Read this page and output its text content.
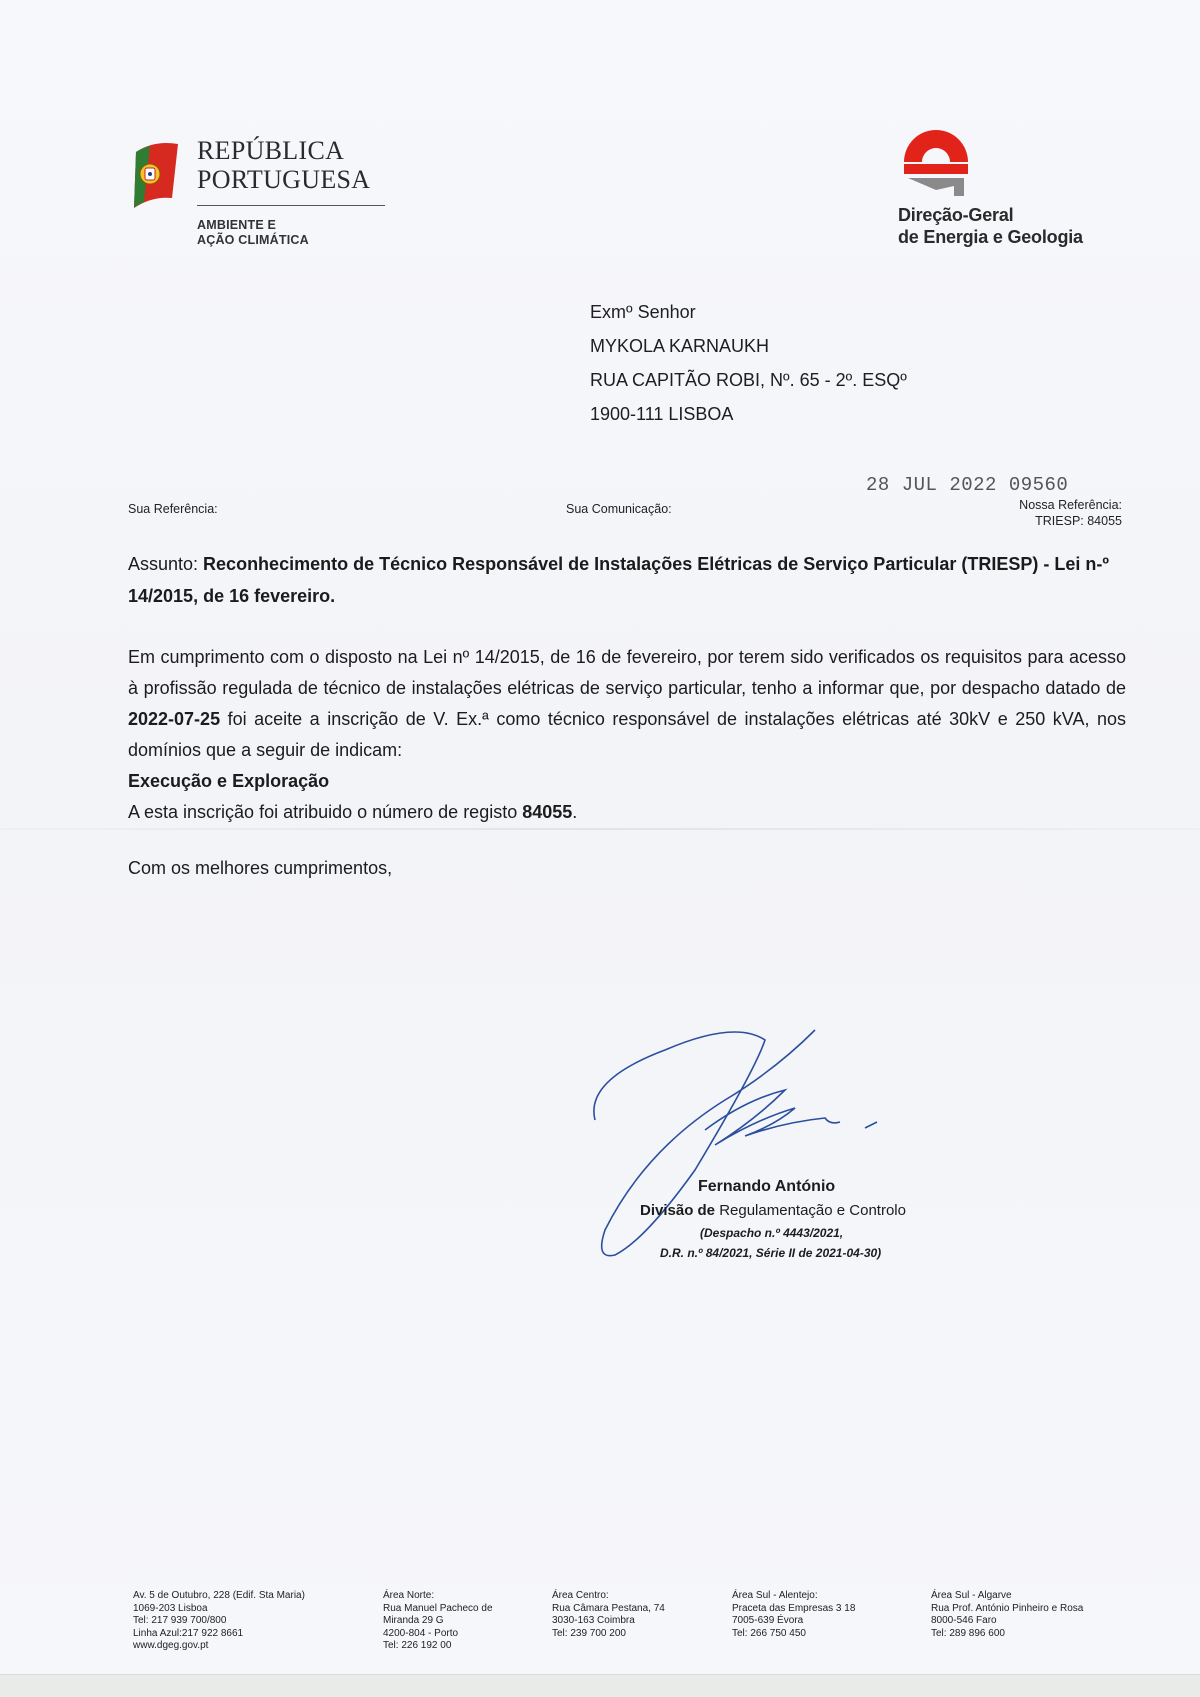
REPÚBLICA
PORTUGUESA
AMBIENTE E
AÇÃO CLIMÁTICA
Direção-Geral
de Energia e Geologia
Exmº Senhor
MYKOLA KARNAUKH
RUA CAPITÃO ROBI, Nº. 65 - 2º. ESQº
1900-111 LISBOA
Sua Referência:	Sua Comunicação:
28 JUL 2022 09560
Nossa Referência:
TRIESP: 84055
Assunto: Reconhecimento de Técnico Responsável de Instalações Elétricas de Serviço Particular (TRIESP) - Lei n-º 14/2015, de 16 fevereiro.

Em cumprimento com o disposto na Lei nº 14/2015, de 16 de fevereiro, por terem sido verificados os requisitos para acesso à profissão regulada de técnico de instalações elétricas de serviço particular, tenho a informar que, por despacho datado de 2022-07-25 foi aceite a inscrição de V. Ex.ª como técnico responsável de instalações elétricas até 30kV e 250 kVA, nos domínios que a seguir de indicam:

Execução e Exploração

A esta inscrição foi atribuido o número de registo 84055.

Com os melhores cumprimentos,
Fernando António
Divisão de Regulamentação e Controlo
(Despacho n.º 4443/2021,
D.R. n.º 84/2021, Série II de 2021-04-30)
Av. 5 de Outubro, 228 (Edif. Sta Maria)
1069-203 Lisboa
Tel: 217 939 700/800
Linha Azul:217 922 8661
www.dgeg.gov.pt
Área Norte:
Rua Manuel Pacheco de
Miranda 29 G
4200-804 - Porto
Tel: 226 192 00
Área Centro:
Rua Câmara Pestana, 74
3030-163 Coimbra
Tel: 239 700 200
Área Sul - Alentejo:
Praceta das Empresas 3 18
7005-639 Évora
Tel: 266 750 450
Área Sul - Algarve
Rua Prof. António Pinheiro e Rosa
8000-546 Faro
Tel: 289 896 600
